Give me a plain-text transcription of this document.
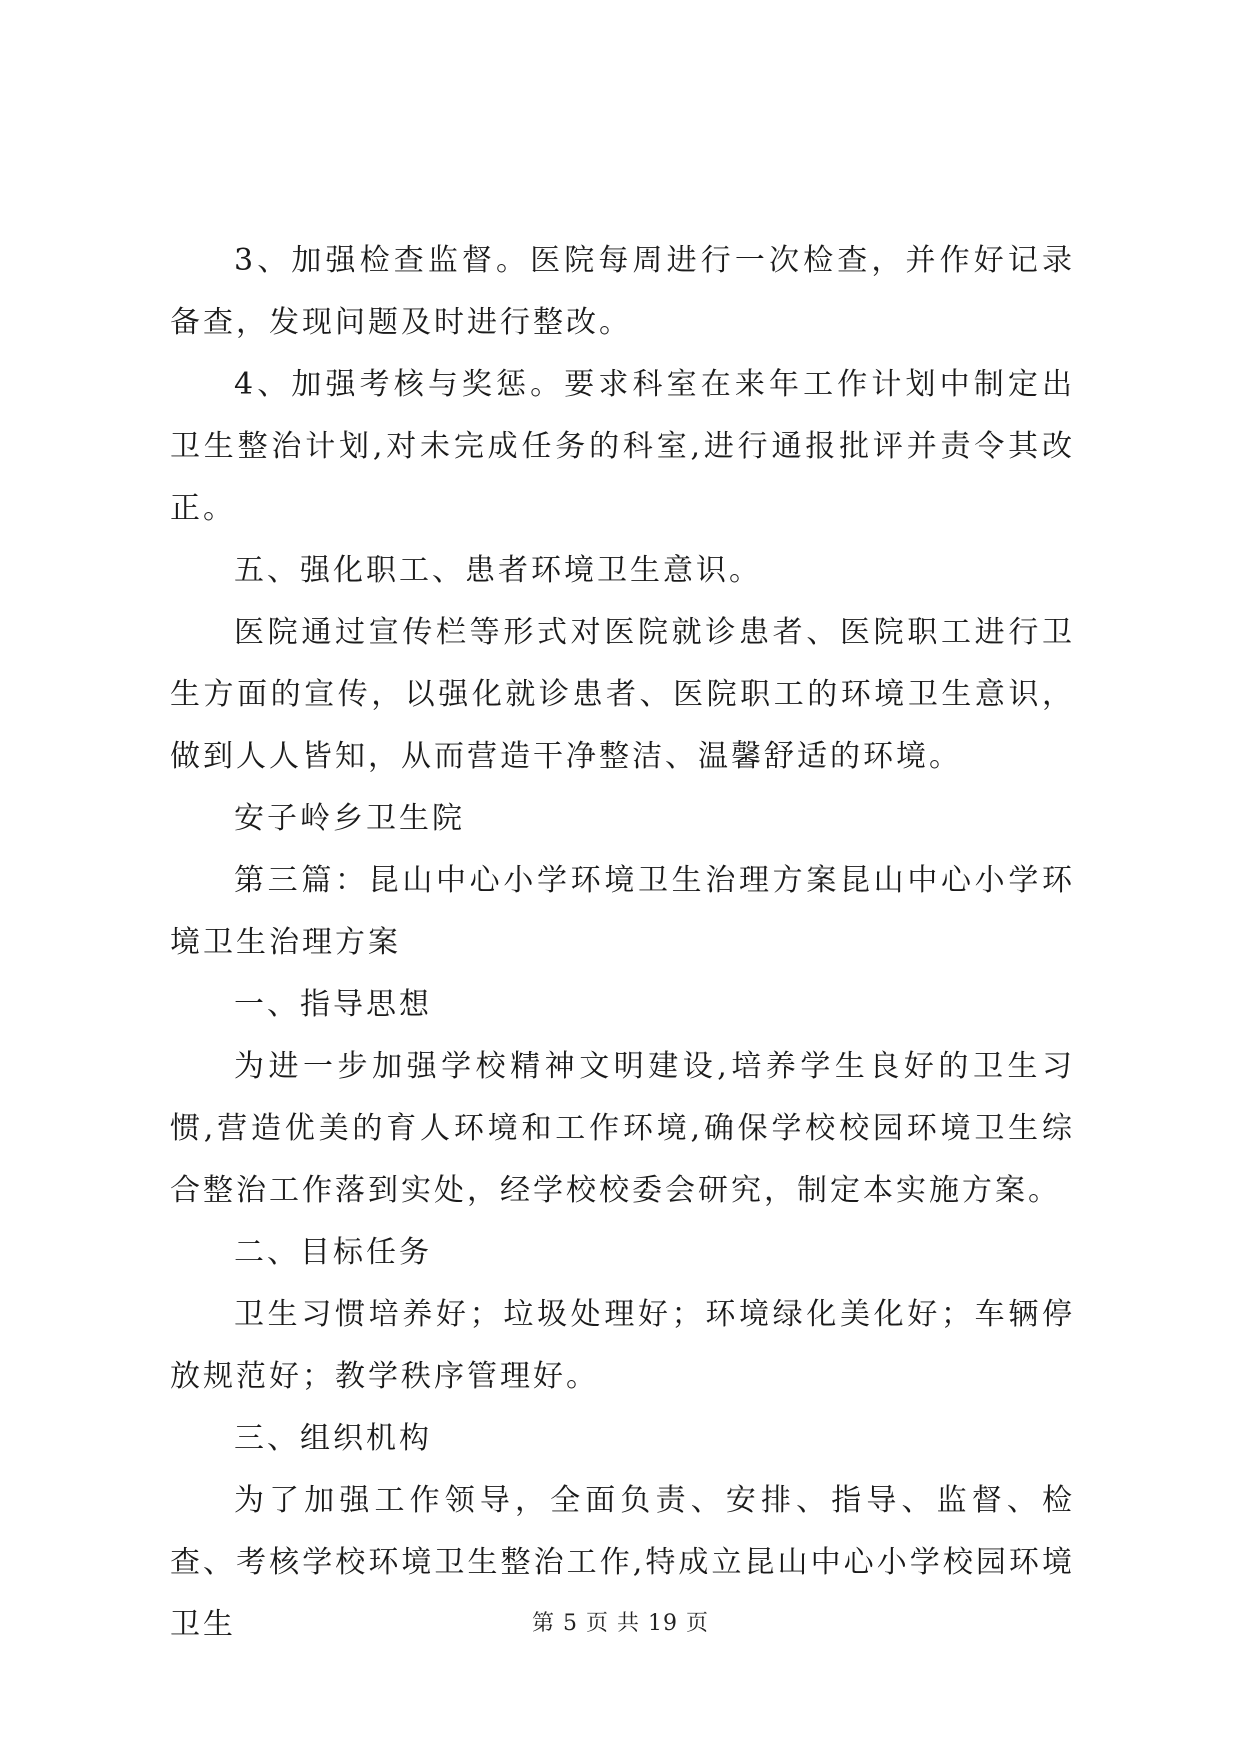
3、加强检查监督。医院每周进行一次检查，并作好记录备查，发现问题及时进行整改。

4、加强考核与奖惩。要求科室在来年工作计划中制定出卫生整治计划,对未完成任务的科室,进行通报批评并责令其改正。

五、强化职工、患者环境卫生意识。

医院通过宣传栏等形式对医院就诊患者、医院职工进行卫生方面的宣传，以强化就诊患者、医院职工的环境卫生意识，做到人人皆知，从而营造干净整洁、温馨舒适的环境。

安子岭乡卫生院

第三篇：昆山中心小学环境卫生治理方案昆山中心小学环境卫生治理方案

一、指导思想

为进一步加强学校精神文明建设,培养学生良好的卫生习惯,营造优美的育人环境和工作环境,确保学校校园环境卫生综合整治工作落到实处，经学校校委会研究，制定本实施方案。

二、目标任务

卫生习惯培养好；垃圾处理好；环境绿化美化好；车辆停放规范好；教学秩序管理好。

三、组织机构

为了加强工作领导，全面负责、安排、指导、监督、检查、考核学校环境卫生整治工作,特成立昆山中心小学校园环境卫生	第 5 页 共 19 页
